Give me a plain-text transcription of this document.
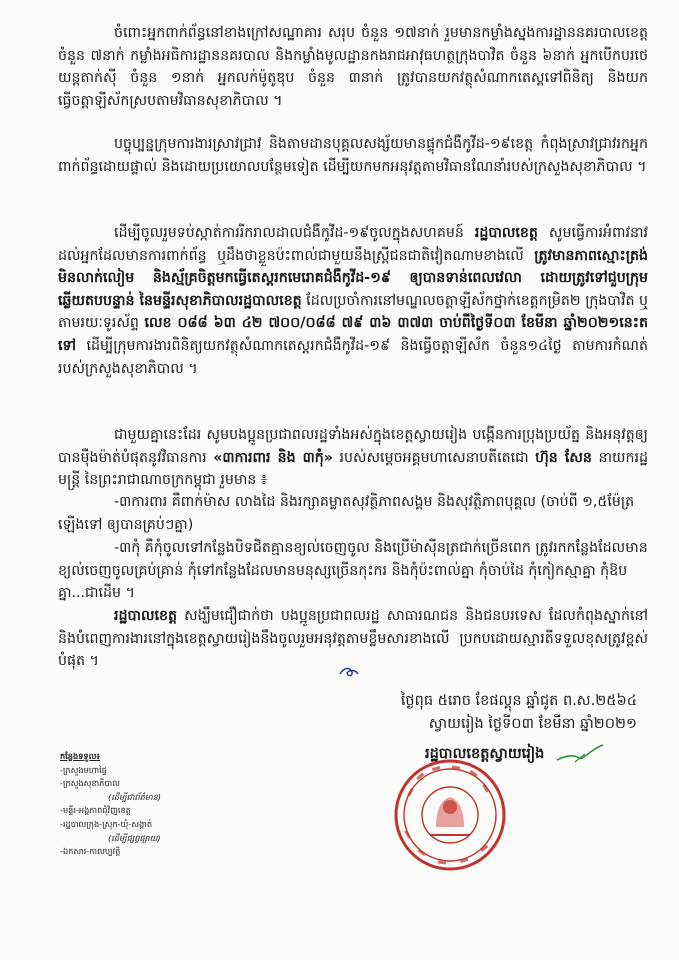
ចំពោះអ្នកពាក់ព័ន្ធនៅខាងក្រៅសណ្ឋាគារ សរុប ចំនួន ១៧នាក់ រួមមានកម្លាំងស្នងការដ្ឋាននគរបាលខេត្ត ចំនួន ៧នាក់ កម្លាំងអធិការដ្ឋាននគរបាល និងកម្លាំងមូលដ្ឋានកងរាជអាវុធហត្ថក្រុងបាវិត ចំនួន ៦នាក់ អ្នកបើកបរថេយន្តតាក់ស៊ី ចំនួន ១នាក់ អ្នកលក់ម៉ូតូឌុប ចំនួន ៣នាក់ ត្រូវបានយកវត្ថុសំណាកតេស្តទៅពិនិត្យ និងយកធ្វើចត្តាឡីស័កស្របតាមវិធានសុខាភិបាល ។

បច្ចុប្បន្នក្រុមការងារស្រាវជ្រាវ និងតាមដានបុគ្គលសង្ស័យមានផ្ទុកជំងឺកូវីដ-១៩ខេត្ត កំពុងស្រាវជ្រាវរកអ្នកពាក់ព័ន្ធដោយផ្ទាល់ និងដោយប្រយោលបន្ថែមទៀត ដើម្បីយកមកអនុវត្តតាមវិធានណែនាំរបស់ក្រសួងសុខាភិបាល ។

ដើម្បីចូលរួមទប់ស្កាត់ការរីករាលដាលជំងឺកូវីដ-១៩ចូលក្នុងសហគមន៍ រដ្ឋបាលខេត្ត សូមធ្វើការអំពាវនាវ ដល់អ្នកដែលមានការពាក់ព័ន្ធ ឬដឹងថាខ្លួនប៉ះពាល់ជាមួយនឹងស្ត្រីជនជាតិវៀតណាមខាងលើ ត្រូវមានភាពស្មោះត្រង់ មិនលាក់លៀម និងស្ម័គ្រចិត្តមកធ្វើតេស្តរកមេរោគជំងឺកូវីដ-១៩ ឲ្យបានទាន់ពេលវេលា ដោយត្រូវទៅជួបក្រុមឆ្លើយតបបន្ទាន់ នៃមន្ទីរសុខាភិបាលរដ្ឋបាលខេត្ត ដែលប្រចាំការនៅមណ្ឌលចត្តាឡីស័កថ្នាក់ខេត្តកម្រិត២ ក្រុងបាវិត ឬតាមរយៈទូរស័ព្ទ លេខ ០៨៨ ៦៣ ៤២ ៧០០/០៨៨ ៧៩ ៣៦ ៣៧៣ ចាប់ពីថ្ងៃទី០៣ ខែមីនា ឆ្នាំ២០២១នេះតទៅ ដើម្បីក្រុមការងារពិនិត្យយកវត្ថុសំណាកតេស្តរកជំងឺកូវីដ-១៩ និងធ្វើចត្តាឡីស័ក ចំនួន១៤ថ្ងៃ តាមការកំណត់របស់ក្រសួងសុខាភិបាល ។

ជាមួយគ្នានេះដែរ សូមបងប្អូនប្រជាពលរដ្ឋទាំងអស់ក្នុងខេត្តស្វាយរៀង បង្កើនការប្រុងប្រយ័ត្ន និងអនុវត្តឲ្យបានម៉ឺងម៉ាត់បំផុតនូវវិធានការ «៣ការពារ និង ៣កុំ» របស់សម្តេចអគ្គមហាសេនាបតីតេជោ ហ៊ុន សែន នាយករដ្ឋមន្ត្រី នៃព្រះរាជាណាចក្រកម្ពុជា រួមមាន ៖

-៣ការពារ គឺពាក់ម៉ាស លាងដៃ និងរក្សាគម្លាតសុវត្ថិភាពសង្គម និងសុវត្ថិភាពបុគ្គល (ចាប់ពី ១,៥ម៉ែត្រឡើងទៅ ឲ្យបានគ្រប់ៗគ្នា)
-៣កុំ គឺកុំចូលទៅកន្លែងបិទជិតគ្មានខ្យល់ចេញចូល និងប្រើម៉ាស៊ីនត្រជាក់ច្រើនពេក ត្រូវរកកន្លែងដែលមានខ្យល់ចេញចូលគ្រប់គ្រាន់ កុំទៅកន្លែងដែលមានមនុស្សច្រើនកុះករ និងកុំប៉ះពាល់គ្នា កុំចាប់ដៃ កុំកៀកស្មាគ្នា កុំឱបគ្នា...ជាដើម ។

រដ្ឋបាលខេត្ត សង្ឃឹមជឿជាក់ថា បងប្អូនប្រជាពលរដ្ឋ សាធារណជន និងជនបរទេស ដែលកំពុងស្នាក់នៅ និងបំពេញការងារនៅក្នុងខេត្តស្វាយរៀងនឹងចូលរួមអនុវត្តតាមខ្លឹមសារខាងលើ ប្រកបដោយស្មារតីទទួលខុសត្រូវខ្ពស់បំផុត ។

ថ្ងៃពុធ ៥រោច ខែផល្គុន ឆ្នាំជូត ព.ស.២៥៦៤
ស្វាយរៀង ថ្ងៃទី០៣ ខែមីនា ឆ្នាំ២០២១
រដ្ឋបាលខេត្តស្វាយរៀង
កន្លែងទទួល៖
-ក្រសួងមហាផ្ទៃ
-ក្រសួងសុខាភិបាល
(ដើម្បីជាព័ត៌មាន)
-មន្ទីរ-អង្គភាពជុំវិញខេត្ត
-រដ្ឋបាលក្រុង-ស្រុក-ឃុំ-សង្កាត់
(ដើម្បីផ្សព្វផ្សាយ)
-ឯកសារ-កាលប្បវត្តិ
